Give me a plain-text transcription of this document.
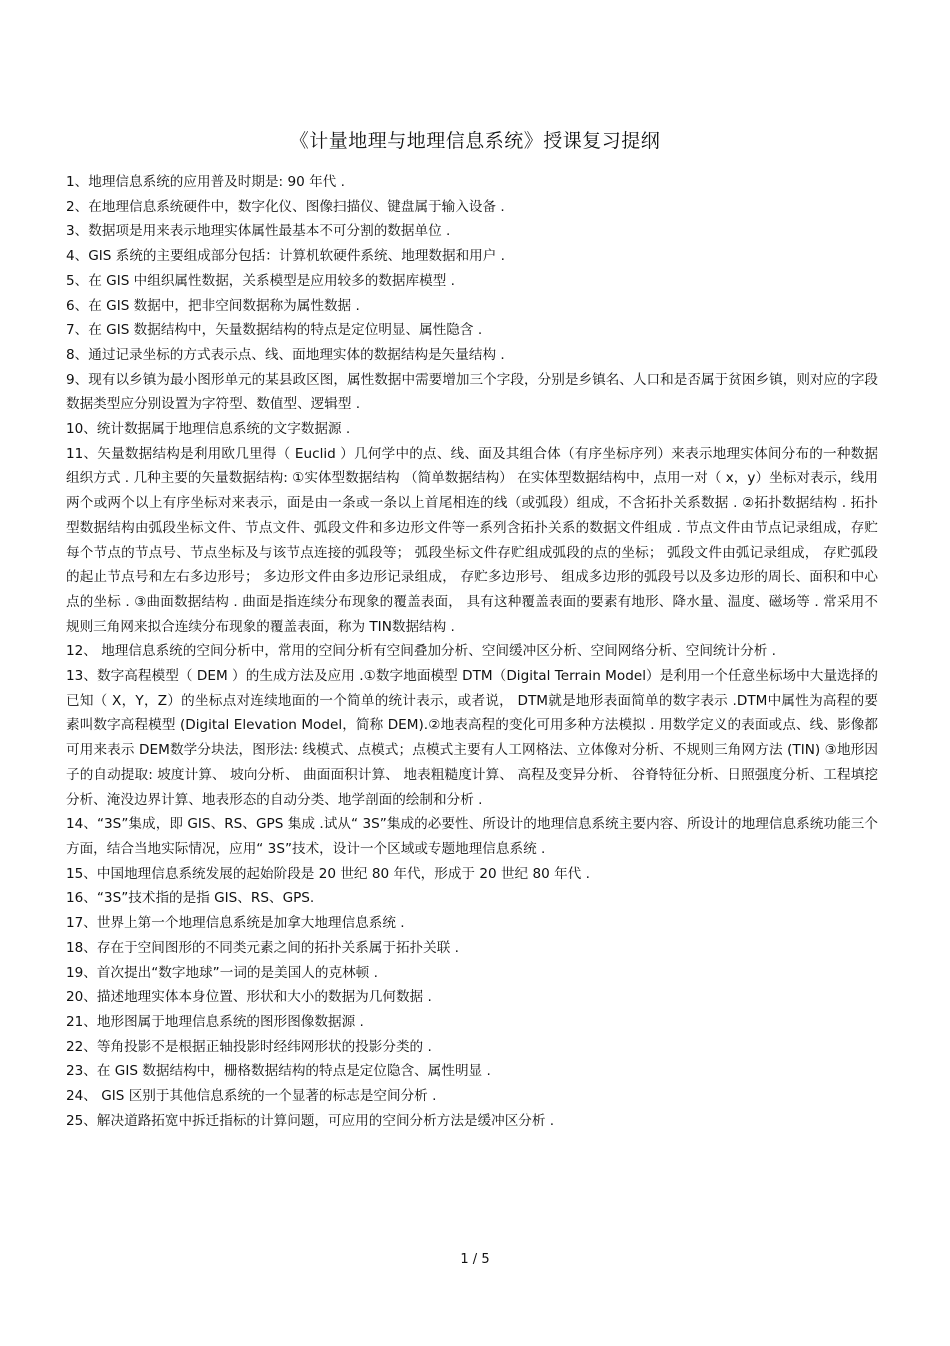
《计量地理与地理信息系统》授课复习提纲

1、地理信息系统的应用普及时期是: 90 年代 .

2、在地理信息系统硬件中，数字化仪、图像扫描仪、键盘属于输入设备 .

3、数据项是用来表示地理实体属性最基本不可分割的数据单位 .

4、GIS 系统的主要组成部分包括：计算机软硬件系统、地理数据和用户 .

5、在 GIS 中组织属性数据，关系模型是应用较多的数据库模型 .

6、在 GIS 数据中，把非空间数据称为属性数据 .

7、在 GIS 数据结构中，矢量数据结构的特点是定位明显、属性隐含 .

8、通过记录坐标的方式表示点、线、面地理实体的数据结构是矢量结构 .

9、现有以乡镇为最小图形单元的某县政区图，属性数据中需要增加三个字段，分别是乡镇名、人口和是否属于贫困乡镇，则对应的字段数据类型应分别设置为字符型、数值型、逻辑型 .

10、统计数据属于地理信息系统的文字数据源 .

11、矢量数据结构是利用欧几里得（ Euclid ）几何学中的点、线、面及其组合体（有序坐标序列）来表示地理实体间分布的一种数据组织方式 . 几种主要的矢量数据结构: ①实体型数据结构 （简单数据结构） 在实体型数据结构中，点用一对（ x，y）坐标对表示，线用两个或两个以上有序坐标对来表示，面是由一条或一条以上首尾相连的线（或弧段）组成，不含拓扑关系数据 . ②拓扑数据结构 . 拓扑型数据结构由弧段坐标文件、节点文件、弧段文件和多边形文件等一系列含拓扑关系的数据文件组成 . 节点文件由节点记录组成，存贮每个节点的节点号、节点坐标及与该节点连接的弧段等； 弧段坐标文件存贮组成弧段的点的坐标； 弧段文件由弧记录组成， 存贮弧段的起止节点号和左右多边形号； 多边形文件由多边形记录组成， 存贮多边形号、 组成多边形的弧段号以及多边形的周长、面积和中心点的坐标 . ③曲面数据结构 . 曲面是指连续分布现象的覆盖表面， 具有这种覆盖表面的要素有地形、降水量、温度、磁场等 . 常采用不规则三角网来拟合连续分布现象的覆盖表面，称为 TIN数据结构 .

12、 地理信息系统的空间分析中，常用的空间分析有空间叠加分析、空间缓冲区分析、空间网络分析、空间统计分析 .

13、数字高程模型（ DEM ）的生成方法及应用 .①数字地面模型 DTM（Digital Terrain Model）是利用一个任意坐标场中大量选择的已知（ X，Y，Z）的坐标点对连续地面的一个简单的统计表示，或者说， DTM就是地形表面简单的数字表示 .DTM中属性为高程的要素叫数字高程模型 (Digital Elevation Model，简称 DEM).②地表高程的变化可用多种方法模拟 . 用数学定义的表面或点、线、影像都可用来表示 DEM数学分块法，图形法: 线模式、点模式；点模式主要有人工网格法、立体像对分析、不规则三角网方法 (TIN) ③地形因子的自动提取: 坡度计算、 坡向分析、 曲面面积计算、 地表粗糙度计算、 高程及变异分析、 谷脊特征分析、日照强度分析、工程填挖分析、淹没边界计算、地表形态的自动分类、地学剖面的绘制和分析 .

14、“3S”集成，即 GIS、RS、GPS 集成 .试从“ 3S”集成的必要性、所设计的地理信息系统主要内容、所设计的地理信息系统功能三个方面，结合当地实际情况，应用“ 3S”技术，设计一个区域或专题地理信息系统 .

15、中国地理信息系统发展的起始阶段是 20 世纪 80 年代，形成于 20 世纪 80 年代 .

16、“3S”技术指的是指 GIS、RS、GPS.

17、世界上第一个地理信息系统是加拿大地理信息系统 .

18、存在于空间图形的不同类元素之间的拓扑关系属于拓扑关联 .

19、首次提出“数字地球”一词的是美国人的克林顿 .

20、描述地理实体本身位置、形状和大小的数据为几何数据 .

21、地形图属于地理信息系统的图形图像数据源 .

22、等角投影不是根据正轴投影时经纬网形状的投影分类的 .

23、在 GIS 数据结构中，栅格数据结构的特点是定位隐含、属性明显 .

24、 GIS 区别于其他信息系统的一个显著的标志是空间分析 .

25、解决道路拓宽中拆迁指标的计算问题，可应用的空间分析方法是缓冲区分析 .

1 / 5
